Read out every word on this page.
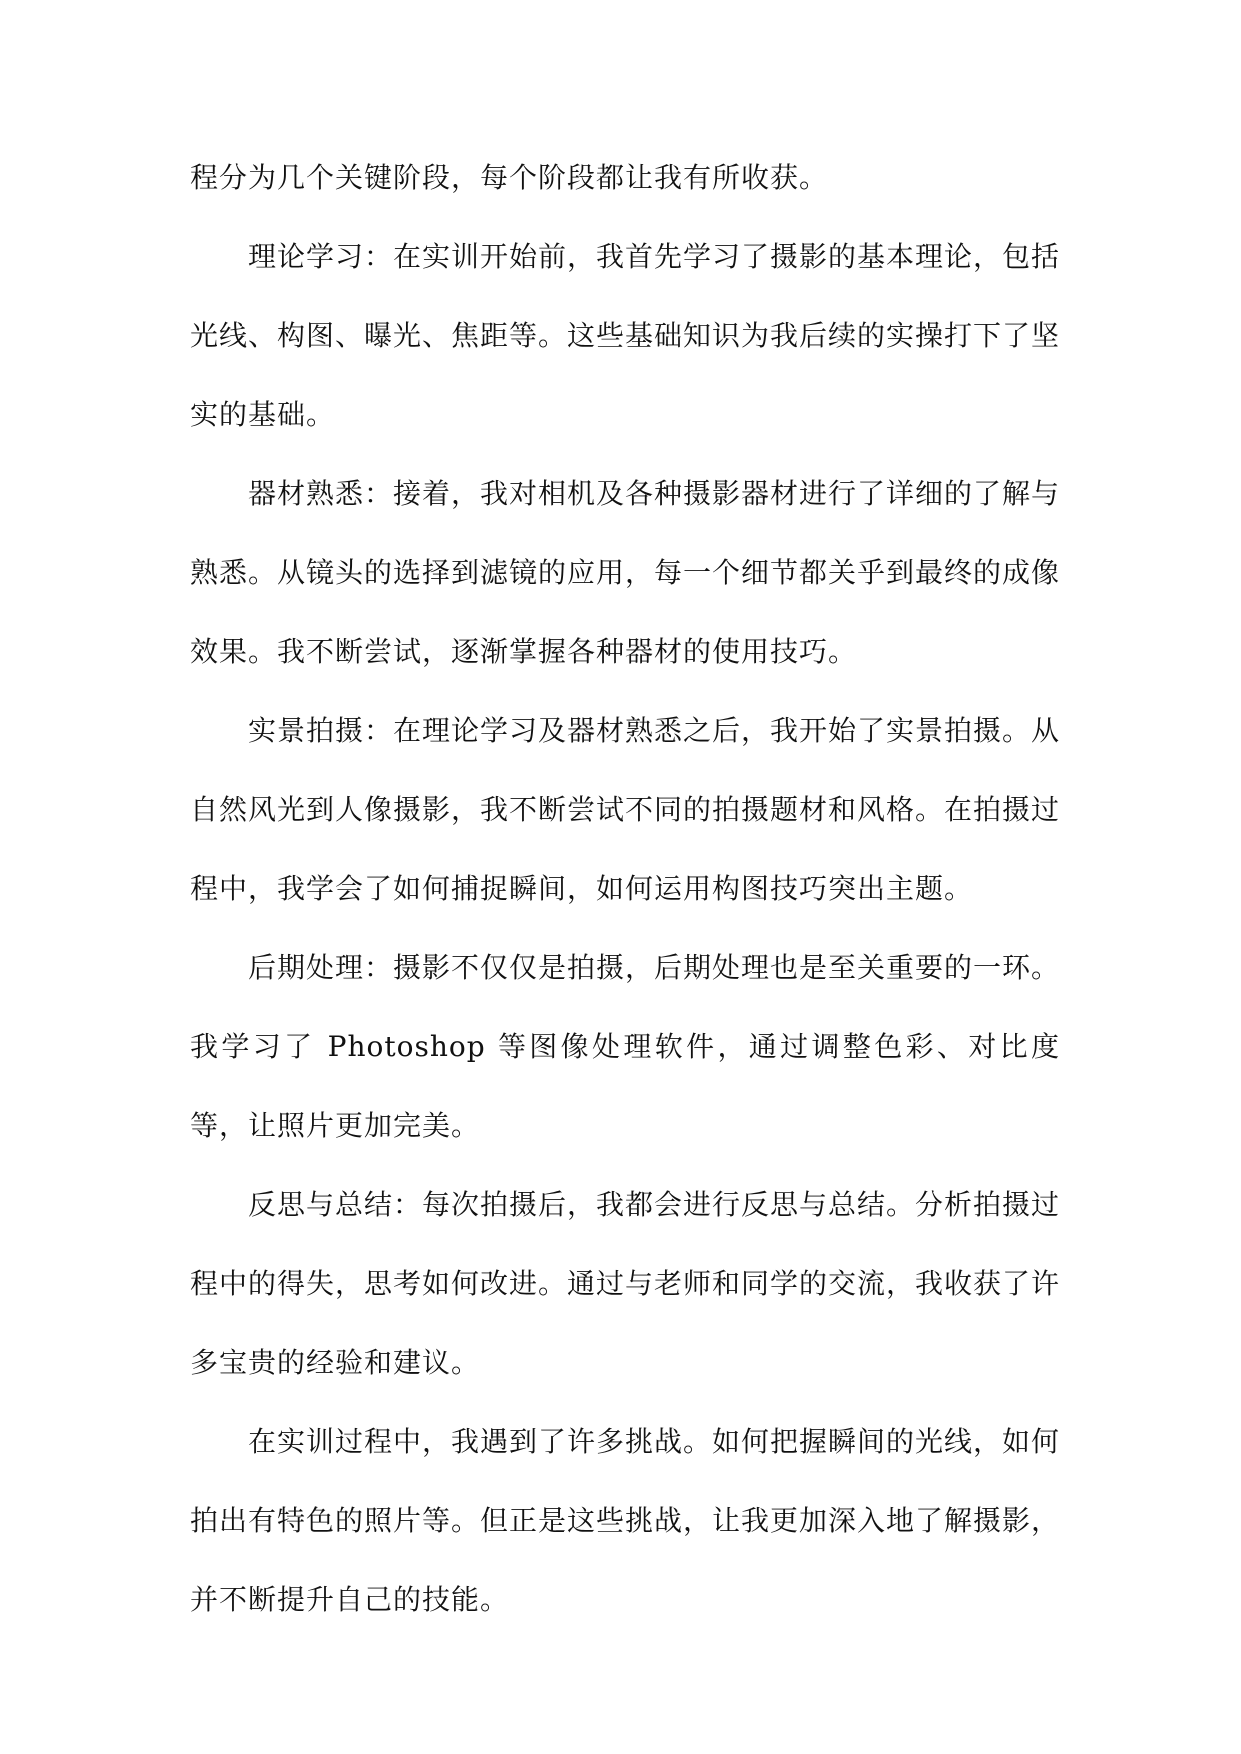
程分为几个关键阶段，每个阶段都让我有所收获。

理论学习：在实训开始前，我首先学习了摄影的基本理论，包括光线、构图、曝光、焦距等。这些基础知识为我后续的实操打下了坚实的基础。

器材熟悉：接着，我对相机及各种摄影器材进行了详细的了解与熟悉。从镜头的选择到滤镜的应用，每一个细节都关乎到最终的成像效果。我不断尝试，逐渐掌握各种器材的使用技巧。

实景拍摄：在理论学习及器材熟悉之后，我开始了实景拍摄。从自然风光到人像摄影，我不断尝试不同的拍摄题材和风格。在拍摄过程中，我学会了如何捕捉瞬间，如何运用构图技巧突出主题。

后期处理：摄影不仅仅是拍摄，后期处理也是至关重要的一环。我学习了 Photoshop 等图像处理软件，通过调整色彩、对比度等，让照片更加完美。

反思与总结：每次拍摄后，我都会进行反思与总结。分析拍摄过程中的得失，思考如何改进。通过与老师和同学的交流，我收获了许多宝贵的经验和建议。

在实训过程中，我遇到了许多挑战。如何把握瞬间的光线，如何拍出有特色的照片等。但正是这些挑战，让我更加深入地了解摄影，并不断提升自己的技能。
